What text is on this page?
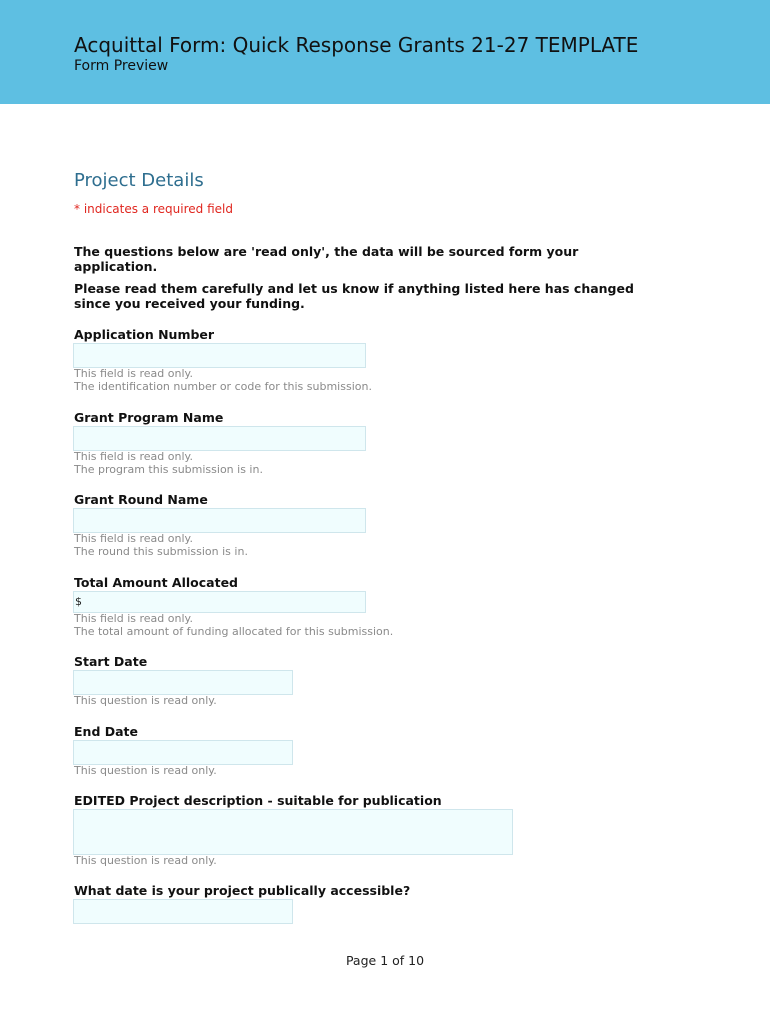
Acquittal Form: Quick Response Grants 21-27 TEMPLATE
Form Preview
Project Details
* indicates a required field
The questions below are 'read only', the data will be sourced form your application.
Please read them carefully and let us know if anything listed here has changed since you received your funding.
Application Number
This field is read only.
The identification number or code for this submission.
Grant Program Name
This field is read only.
The program this submission is in.
Grant Round Name
This field is read only.
The round this submission is in.
Total Amount Allocated
$
This field is read only.
The total amount of funding allocated for this submission.
Start Date
This question is read only.
End Date
This question is read only.
EDITED Project description - suitable for publication
This question is read only.
What date is your project publically accessible?
Page 1 of 10
